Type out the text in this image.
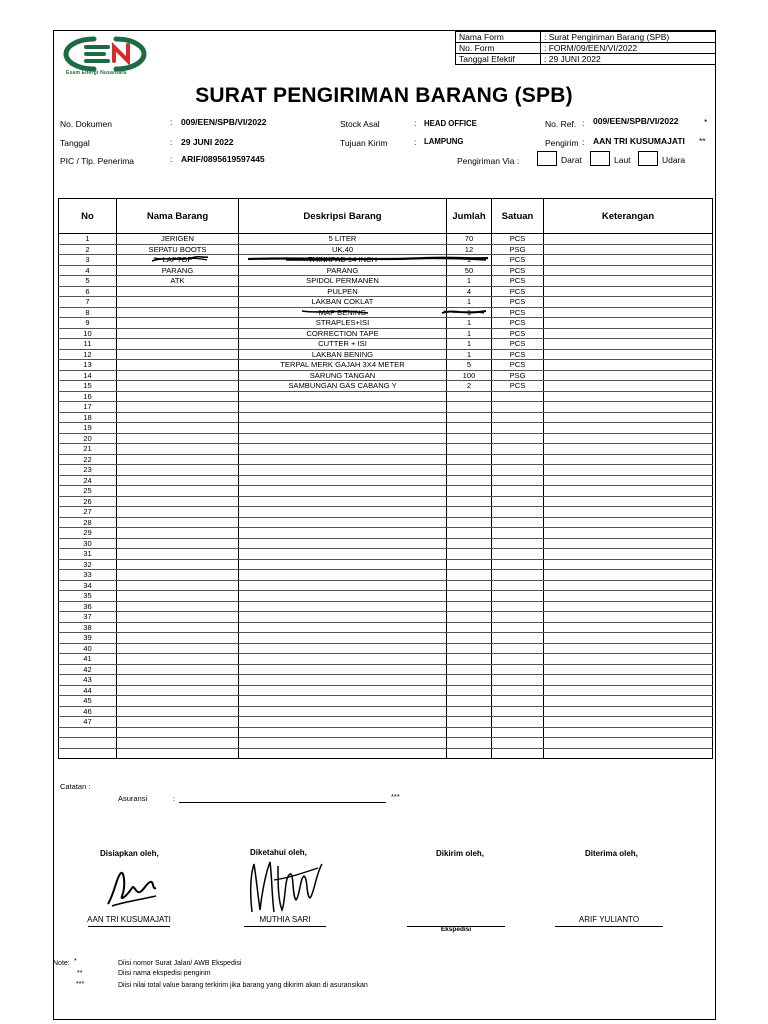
Esam Energi Nusantara
Nama Form	: Surat Pengiriman Barang (SPB)
No. Form	: FORM/09/EEN/VI/2022
Tanggal Efektif	: 29 JUNI 2022
SURAT PENGIRIMAN BARANG (SPB)
No. Dokumen	: 009/EEN/SPB/VI/2022
Tanggal	: 29 JUNI 2022
PIC / Tlp. Penerima	: ARIF/0895619597445
Stock Asal	: HEAD OFFICE
Tujuan Kirim	: LAMPUNG
Pengiriman Via :	Darat	Laut	Udara
No. Ref. : 009/EEN/SPB/VI/2022	*
Pengirim : AAN TRI KUSUMAJATI **
No	Nama Barang	Deskripsi Barang	Jumlah	Satuan	Keterangan
1	JERIGEN	5 LITER	70	PCS	
2	SEPATU BOOTS	UK.40	12	PSG	
3	LAPTOP	THINKPAD 14 INCH	1	PCS	
4	PARANG	PARANG	50	PCS	
5	ATK	SPIDOL PERMANEN	1	PCS	
6		PULPEN	4	PCS	
7		LAKBAN COKLAT	1	PCS	
8		MAP BENING	1	PCS	
9		STRAPLES+ISI	1	PCS	
10		CORRECTION TAPE	1	PCS	
11		CUTTER + ISI	1	PCS	
12		LAKBAN BENING	1	PCS	
13		TERPAL MERK GAJAH 3X4 METER	5	PCS	
14		SARUNG TANGAN	100	PSG	
15		SAMBUNGAN GAS CABANG Y	2	PCS	
16					
17					
18					
19					
20					
21					
22					
23					
24					
25					
26					
27					
28					
29					
30					
31					
32					
33					
34					
35					
36					
37					
38					
39					
40					
41					
42					
43					
44					
45					
46					
47					

Catatan :
Asuransi	:	***
Disiapkan oleh,	Diketahui oleh,	Dikirim oleh,	Diterima oleh,
AAN TRI KUSUMAJATI	MUTHIA SARI
Ekspedisi
ARIF YULIANTO
Note: *	Diisi nomor Surat Jalan/ AWB Ekspedisi
**	Diisi nama ekspedisi pengirim
***	Diisi nilai total value barang terkirim jika barang yang dikirim akan di asuransikan
